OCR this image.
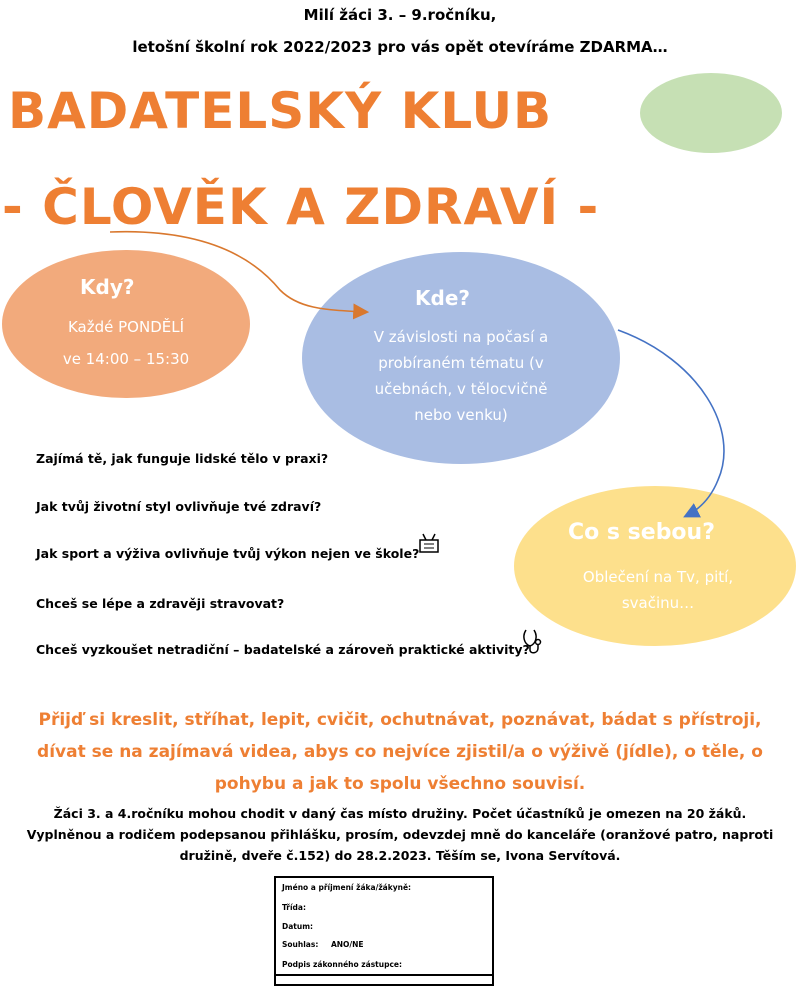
Milí žáci 3. – 9.ročníku,
letošní školní rok 2022/2023 pro vás opět otevíráme ZDARMA…
BADATELSKÝ KLUB
- ČLOVĚK A ZDRAVÍ -
Kdy?
Každé PONDĚLÍ
ve 14:00 – 15:30
Kde?
V závislosti na počasí a probíraném tématu (v učebnách, v tělocvičně nebo venku)
Co s sebou?
Oblečení na Tv, pití, svačinu…
Zajímá tě, jak funguje lidské tělo v praxi?
Jak tvůj životní styl ovlivňuje tvé zdraví?
Jak sport a výživa ovlivňuje tvůj výkon nejen ve škole?
Chceš se lépe a zdravěji stravovat?
Chceš vyzkoušet netradiční – badatelské a zároveň praktické aktivity?
Přijď si kreslit, stříhat, lepit, cvičit, ochutnávat, poznávat, bádat s přístroji,
dívat se na zajímavá videa, abys co nejvíce zjistil/a o výživě (jídle), o těle, o
pohybu a jak to spolu všechno souvisí.
Žáci 3. a 4.ročníku mohou chodit v daný čas místo družiny. Počet účastníků je omezen na 20 žáků.
Vyplněnou a rodičem podepsanou přihlášku, prosím, odevzdej mně do kanceláře (oranžové patro, naproti
družině, dveře č.152) do 28.2.2023. Těším se, Ivona Servítová.
Jméno a příjmení žáka/žákyně:
Třída:
Datum:
Souhlas: ANO/NE
Podpis zákonného zástupce:
